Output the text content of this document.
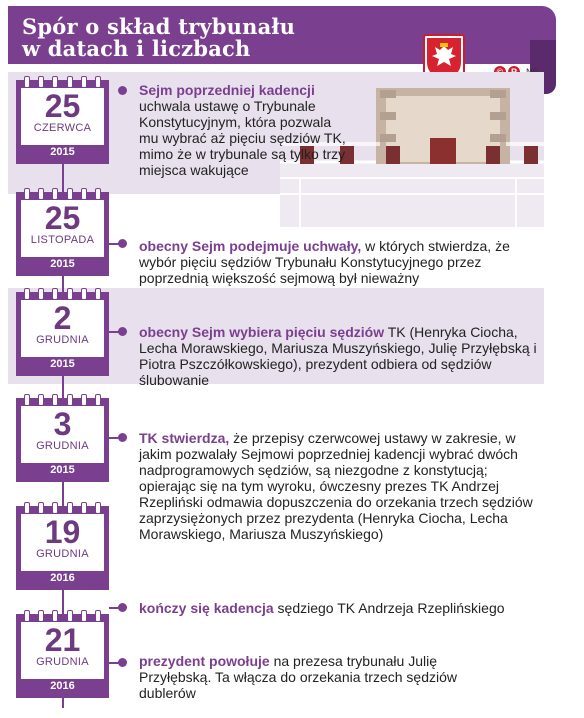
Spór o skład trybunału
w datach i liczbach
25
CZERWCA
2015
Sejm poprzedniej kadencji
uchwala ustawę o Trybunale Konstytucyjnym, która pozwala mu wybrać aż pięciu sędziów TK, mimo że w trybunale są tylko trzy miejsca wakujące
25
LISTOPADA
2015
obecny Sejm podejmuje uchwały, w których stwierdza, że wybór pięciu sędziów Trybunału Konstytucyjnego przez poprzednią większość sejmową był nieważny
2
GRUDNIA
2015
obecny Sejm wybiera pięciu sędziów TK (Henryka Ciocha, Lecha Morawskiego, Mariusza Muszyńskiego, Julię Przyłębską i Piotra Pszczółkowskiego), prezydent odbiera od sędziów ślubowanie
3
GRUDNIA
2015
TK stwierdza, że przepisy czerwcowej ustawy w zakresie, w jakim pozwalały Sejmowi poprzedniej kadencji wybrać dwóch nadprogramowych sędziów, są niezgodne z konstytucją; opierając się na tym wyroku, ówczesny prezes TK Andrzej Rzepliński odmawia dopuszczenia do orzekania trzech sędziów zaprzysiężonych przez prezydenta (Henryka Ciocha, Lecha Morawskiego, Mariusza Muszyńskiego)
19
GRUDNIA
2016
kończy się kadencja sędziego TK Andrzeja Rzeplińskiego
21
GRUDNIA
2016
prezydent powołuje na prezesa trybunału Julię Przyłębską. Ta włącza do orzekania trzech sędziów dublerów
